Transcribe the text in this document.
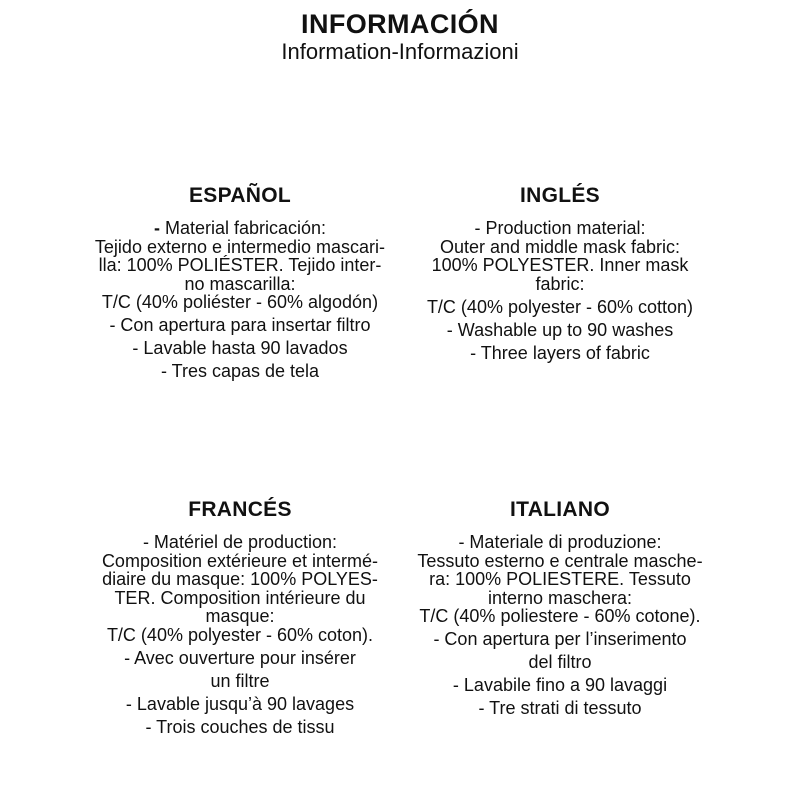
INFORMACIÓN
Information-Informazioni
ESPAÑOL
- Material fabricación:
Tejido externo e intermedio mascari-
lla: 100% POLIÉSTER. Tejido inter-
no mascarilla:
T/C (40% poliéster - 60% algodón)
- Con apertura para insertar filtro
- Lavable hasta 90 lavados
- Tres capas de tela
INGLÉS
- Production material:
Outer and middle mask fabric:
100% POLYESTER. Inner mask
fabric:
T/C (40% polyester - 60% cotton)
- Washable up to 90 washes
- Three layers of fabric
FRANCÉS
- Matériel de production:
Composition extérieure et intermé-
diaire du masque: 100% POLYES-
TER. Composition intérieure du
masque:
T/C (40% polyester - 60% coton).
- Avec ouverture pour insérer
un filtre
- Lavable jusqu’à 90 lavages
- Trois couches de tissu
ITALIANO
- Materiale di produzione:
Tessuto esterno e centrale masche-
ra: 100% POLIESTERE. Tessuto
interno maschera:
T/C (40% poliestere - 60% cotone).
- Con apertura per l’inserimento
del filtro
- Lavabile fino a 90 lavaggi
- Tre strati di tessuto
